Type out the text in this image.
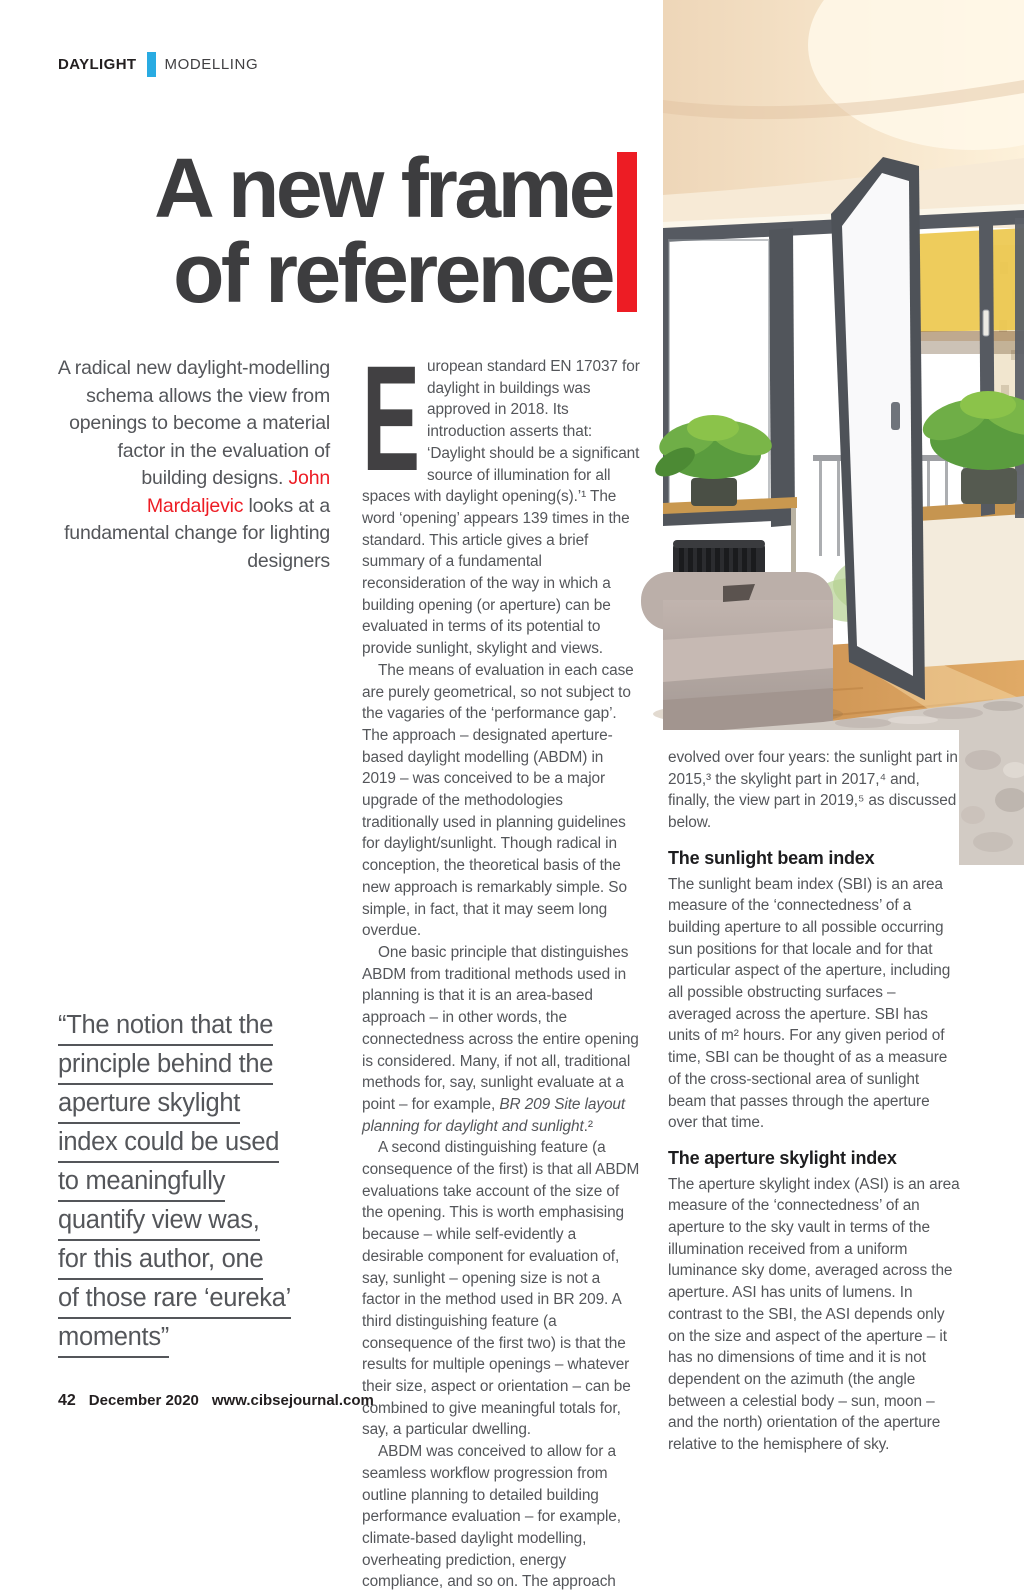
DAYLIGHT MODELLING
A new frame
of reference
A radical new daylight-modelling schema allows the view from openings to become a material factor in the evaluation of building designs. John Mardaljevic looks at a fundamental change for lighting designers

European standard EN 17037 for daylight in buildings was approved in 2018. Its introduction asserts that: ‘Daylight should be a significant source of illumination for all spaces with daylight opening(s).’¹ The word ‘opening’ appears 139 times in the standard. This article gives a brief summary of a fundamental reconsideration of the way in which a building opening (or aperture) can be evaluated in terms of its potential to provide sunlight, skylight and views.

The means of evaluation in each case are purely geometrical, so not subject to the vagaries of the ‘performance gap’. The approach – designated aperture-based daylight modelling (ABDM) in 2019 – was conceived to be a major upgrade of the methodologies traditionally used in planning guidelines for daylight/sunlight. Though radical in conception, the theoretical basis of the new approach is remarkably simple. So simple, in fact, that it may seem long overdue.

One basic principle that distinguishes ABDM from traditional methods used in planning is that it is an area-based approach – in other words, the connectedness across the entire opening is considered. Many, if not all, traditional methods for, say, sunlight evaluate at a point – for example, BR 209 Site layout planning for daylight and sunlight.²

A second distinguishing feature (a consequence of the first) is that all ABDM evaluations take account of the size of the opening. This is worth emphasising because – while self-evidently a desirable component for evaluation of, say, sunlight – opening size is not a factor in the method used in BR 209. A third distinguishing feature (a consequence of the first two) is that the results for multiple openings – whatever their size, aspect or orientation – can be combined to give meaningful totals for, say, a particular dwelling.

ABDM was conceived to allow for a seamless workflow progression from outline planning to detailed building performance evaluation – for example, climate-based daylight modelling, overheating prediction, energy compliance, and so on. The approach

evolved over four years: the sunlight part in 2015,³ the skylight part in 2017,⁴ and, finally, the view part in 2019,⁵ as discussed below.

The sunlight beam index

The sunlight beam index (SBI) is an area measure of the ‘connectedness’ of a building aperture to all possible occurring sun positions for that locale and for that particular aspect of the aperture, including all possible obstructing surfaces – averaged across the aperture. SBI has units of m² hours. For any given period of time, SBI can be thought of as a measure of the cross-sectional area of sunlight beam that passes through the aperture over that time.

The aperture skylight index

The aperture skylight index (ASI) is an area measure of the ‘connectedness’ of an aperture to the sky vault in terms of the illumination received from a uniform luminance sky dome, averaged across the aperture. ASI has units of lumens. In contrast to the SBI, the ASI depends only on the size and aspect of the aperture – it has no dimensions of time and it is not dependent on the azimuth (the angle between a celestial body – sun, moon – and the north) orientation of the aperture relative to the hemisphere of sky.

“The notion that the
principle behind the
aperture skylight
index could be used
to meaningfully
quantify view was,
for this author, one
of those rare ‘eureka’
moments”
42 December 2020 www.cibsejournal.com
